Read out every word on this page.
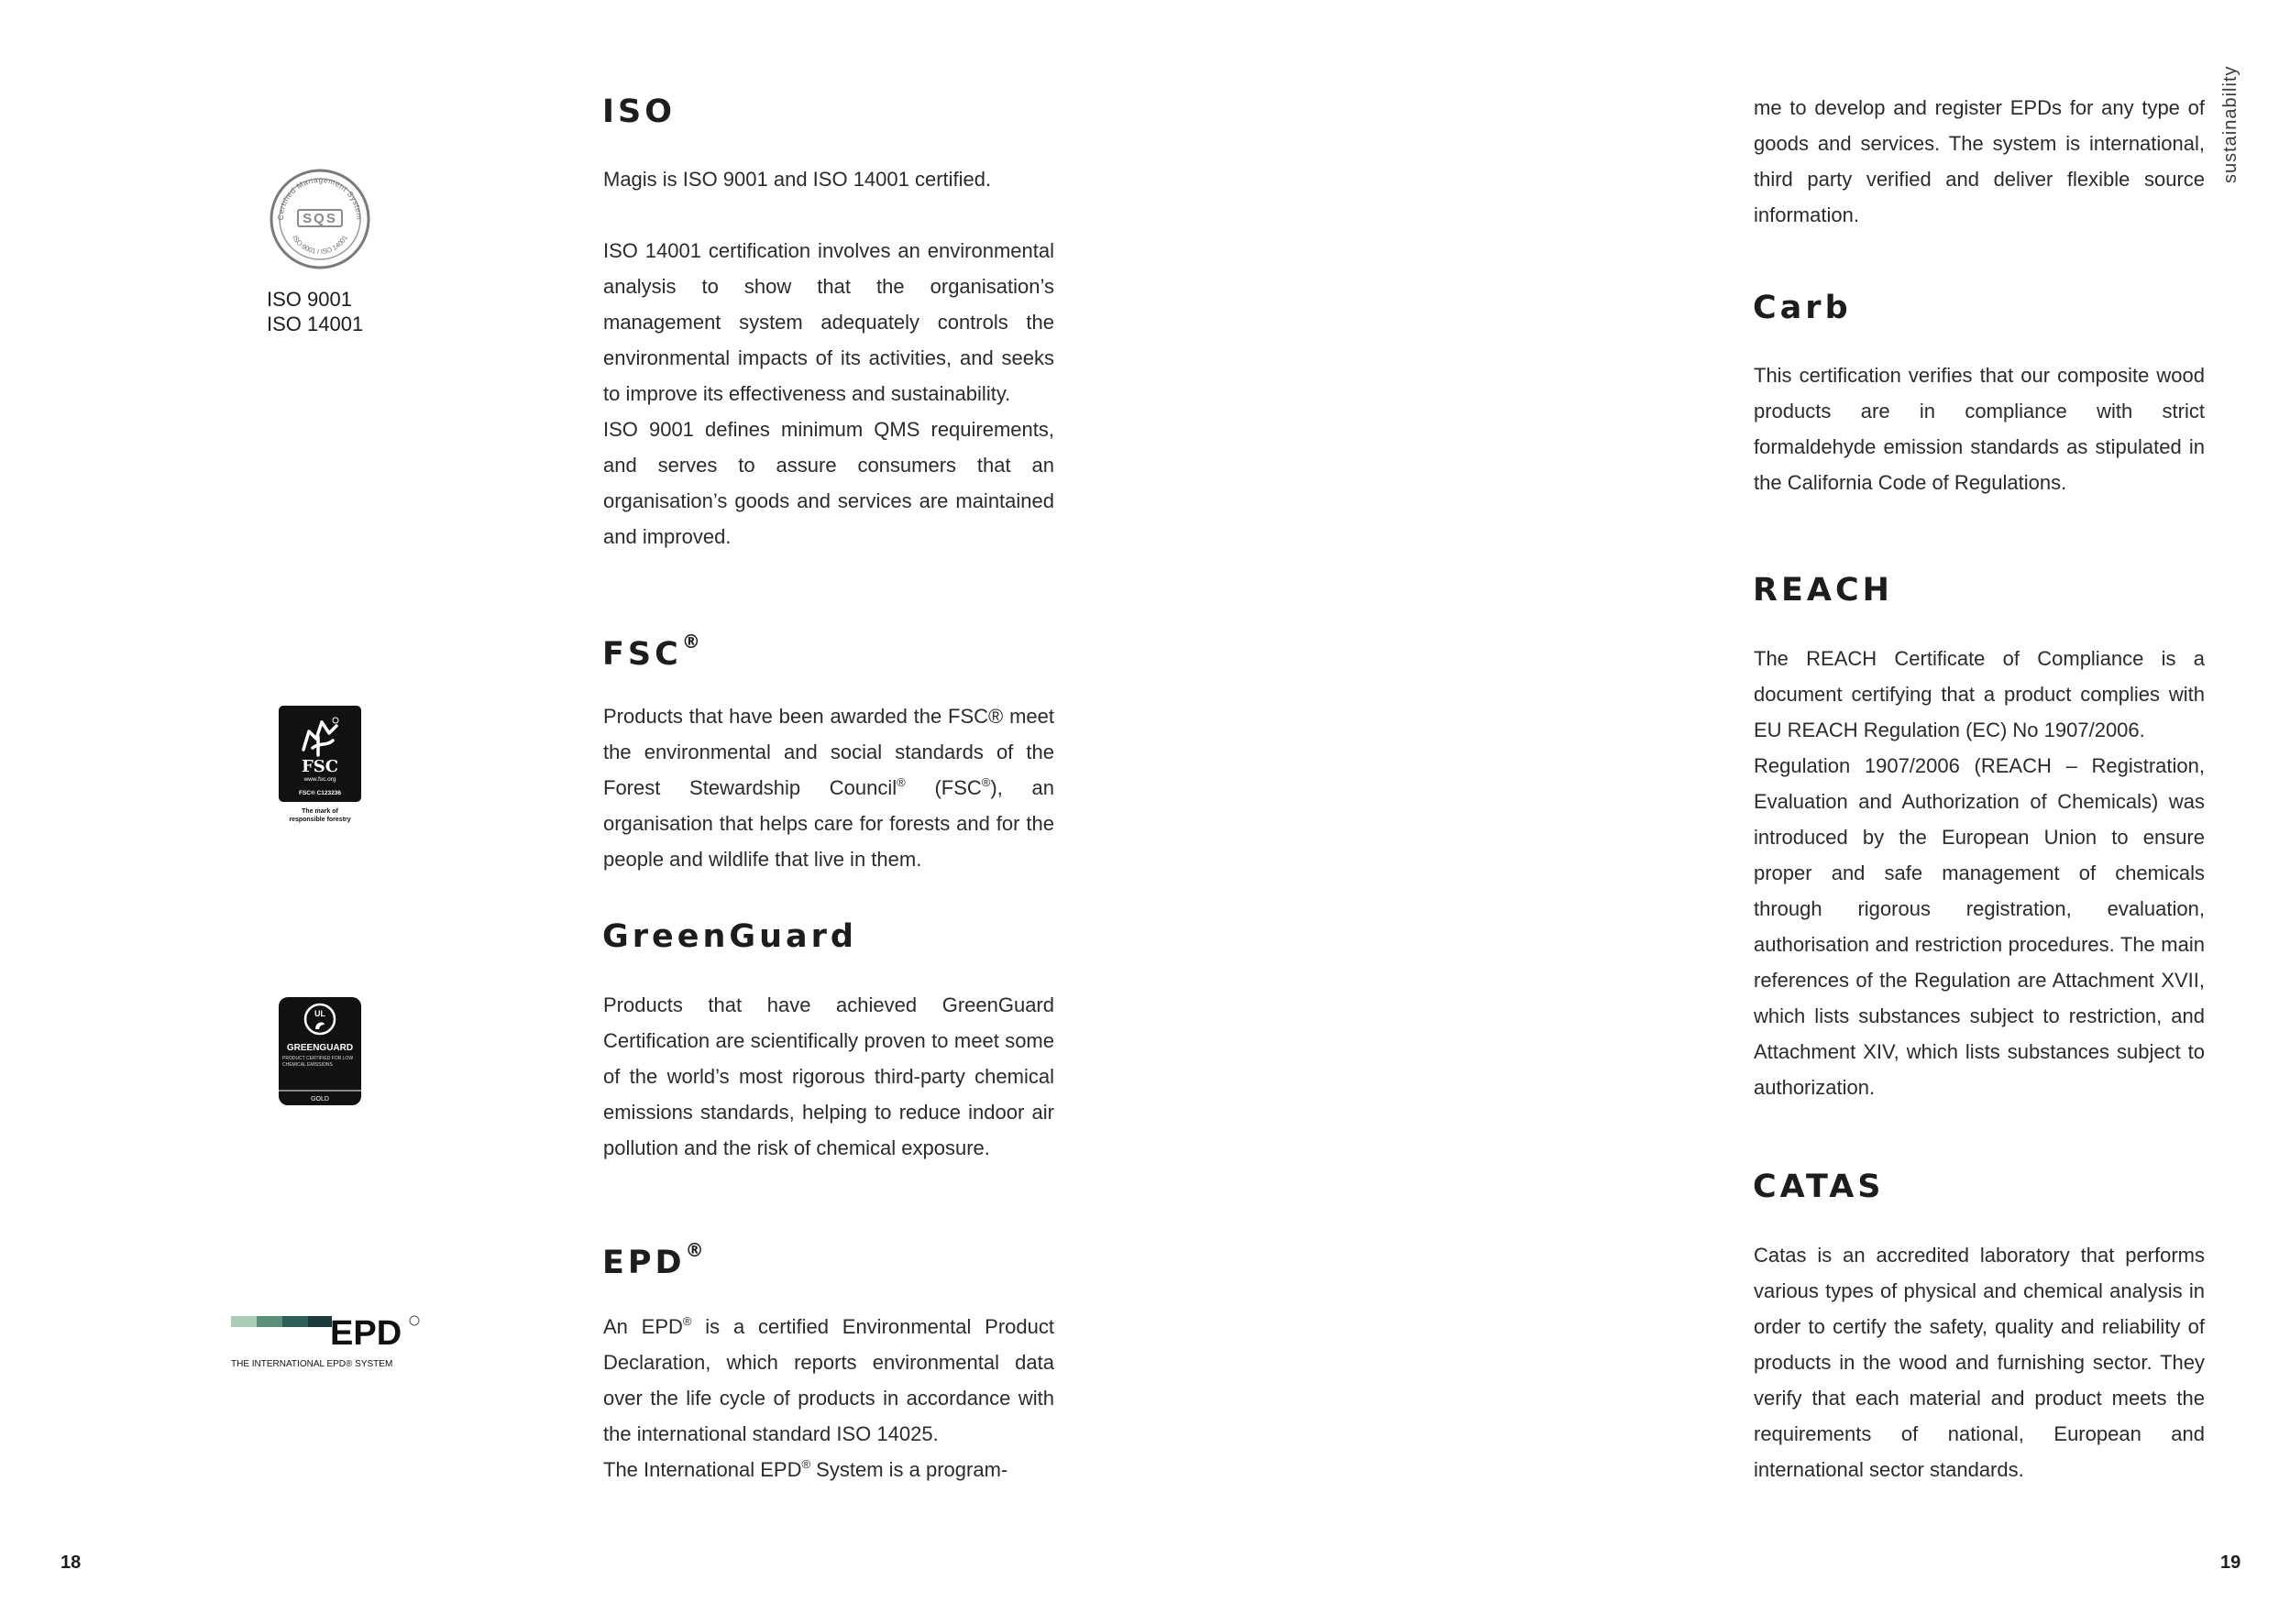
Certified Management System
SQS
ISO 9001 / ISO 14001
ISO 9001
ISO 14001
FSC
www.fsc.org
FSC® C123236
The mark of
responsible forestry
UL
GREENGUARD
PRODUCT CERTIFIED FOR LOW CHEMICAL EMISSIONS
GOLD
EPD
THE INTERNATIONAL EPD® SYSTEM
ISO

Magis is ISO 9001 and ISO 14001 certified.

ISO 14001 certification involves an environmental analysis to show that the organisation’s management system adequately controls the environmental impacts of its activities, and seeks to improve its effectiveness and sustainability.

ISO 9001 defines minimum QMS requirements, and serves to assure consumers that an organisation’s goods and services are maintained and improved.

FSC®

Products that have been awarded the FSC® meet the environmental and social standards of the Forest Stewardship Council® (FSC®), an organisation that helps care for forests and for the people and wildlife that live in them.

GreenGuard

Products that have achieved GreenGuard Certification are scientifically proven to meet some of the world’s most rigorous third-party chemical emissions standards, helping to reduce indoor air pollution and the risk of chemical exposure.

EPD®

An EPD® is a certified Environmental Product Declaration, which reports environmental data over the life cycle of products in accordance with the international standard ISO 14025.

The International EPD® System is a program-

me to develop and register EPDs for any type of goods and services. The system is international, third party verified and deliver flexible source information.

Carb

This certification verifies that our composite wood products are in compliance with strict formaldehyde emission standards as stipulated in the California Code of Regulations.

REACH

The REACH Certificate of Compliance is a document certifying that a product complies with EU REACH Regulation (EC) No 1907/2006.

Regulation 1907/2006 (REACH – Registration, Evaluation and Authorization of Chemicals) was introduced by the European Union to ensure proper and safe management of chemicals through rigorous registration, evaluation, authorisation and restriction procedures. The main references of the Regulation are Attachment XVII, which lists substances subject to restriction, and Attachment XIV, which lists substances subject to authorization.

CATAS

Catas is an accredited laboratory that performs various types of physical and chemical analysis in order to certify the safety, quality and reliability of products in the wood and furnishing sector. They verify that each material and product meets the requirements of national, European and international sector standards.

sustainability
18	19
